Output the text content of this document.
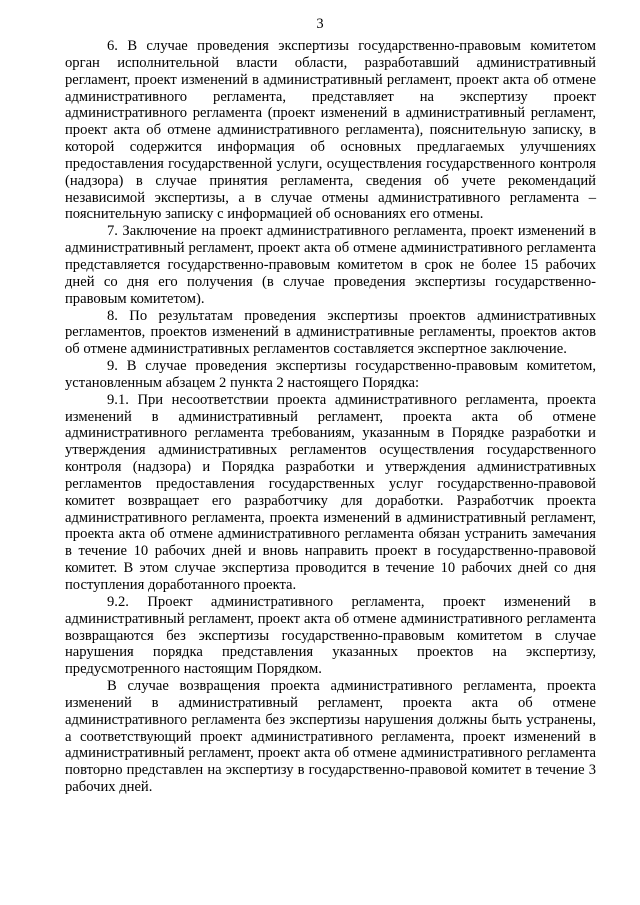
3

6. В случае проведения экспертизы государственно-правовым комитетом орган исполнительной власти области, разработавший административный регламент, проект изменений в административный регламент, проект акта об отмене административного регламента, представляет на экспертизу проект административного регламента (проект изменений в административный регламент, проект акта об отмене административного регламента), пояснительную записку, в которой содержится информация об основных предлагаемых улучшениях предоставления государственной услуги, осуществления государственного контроля (надзора) в случае принятия регламента, сведения об учете рекомендаций независимой экспертизы, а в случае отмены административного регламента – пояснительную записку с информацией об основаниях его отмены.

7. Заключение на проект административного регламента, проект изменений в административный регламент, проект акта об отмене административного регламента представляется государственно-правовым комитетом в срок не более 15 рабочих дней со дня его получения (в случае проведения экспертизы государственно-правовым комитетом).

8. По результатам проведения экспертизы проектов административных регламентов, проектов изменений в административные регламенты, проектов актов об отмене административных регламентов составляется экспертное заключение.

9. В случае проведения экспертизы государственно-правовым комитетом, установленным абзацем 2 пункта 2 настоящего Порядка:

9.1. При несоответствии проекта административного регламента, проекта изменений в административный регламент, проекта акта об отмене административного регламента требованиям, указанным в Порядке разработки и утверждения административных регламентов осуществления государственного контроля (надзора) и Порядка разработки и утверждения административных регламентов предоставления государственных услуг государственно-правовой комитет возвращает его разработчику для доработки. Разработчик проекта административного регламента, проекта изменений в административный регламент, проекта акта об отмене административного регламента обязан устранить замечания в течение 10 рабочих дней и вновь направить проект в государственно-правовой комитет. В этом случае экспертиза проводится в течение 10 рабочих дней со дня поступления доработанного проекта.

9.2. Проект административного регламента, проект изменений в административный регламент, проект акта об отмене административного регламента возвращаются без экспертизы государственно-правовым комитетом в случае нарушения порядка представления указанных проектов на экспертизу, предусмотренного настоящим Порядком.

В случае возвращения проекта административного регламента, проекта изменений в административный регламент, проекта акта об отмене административного регламента без экспертизы нарушения должны быть устранены, а соответствующий проект административного регламента, проект изменений в административный регламент, проект акта об отмене административного регламента повторно представлен на экспертизу в государственно-правовой комитет в течение 3 рабочих дней.
